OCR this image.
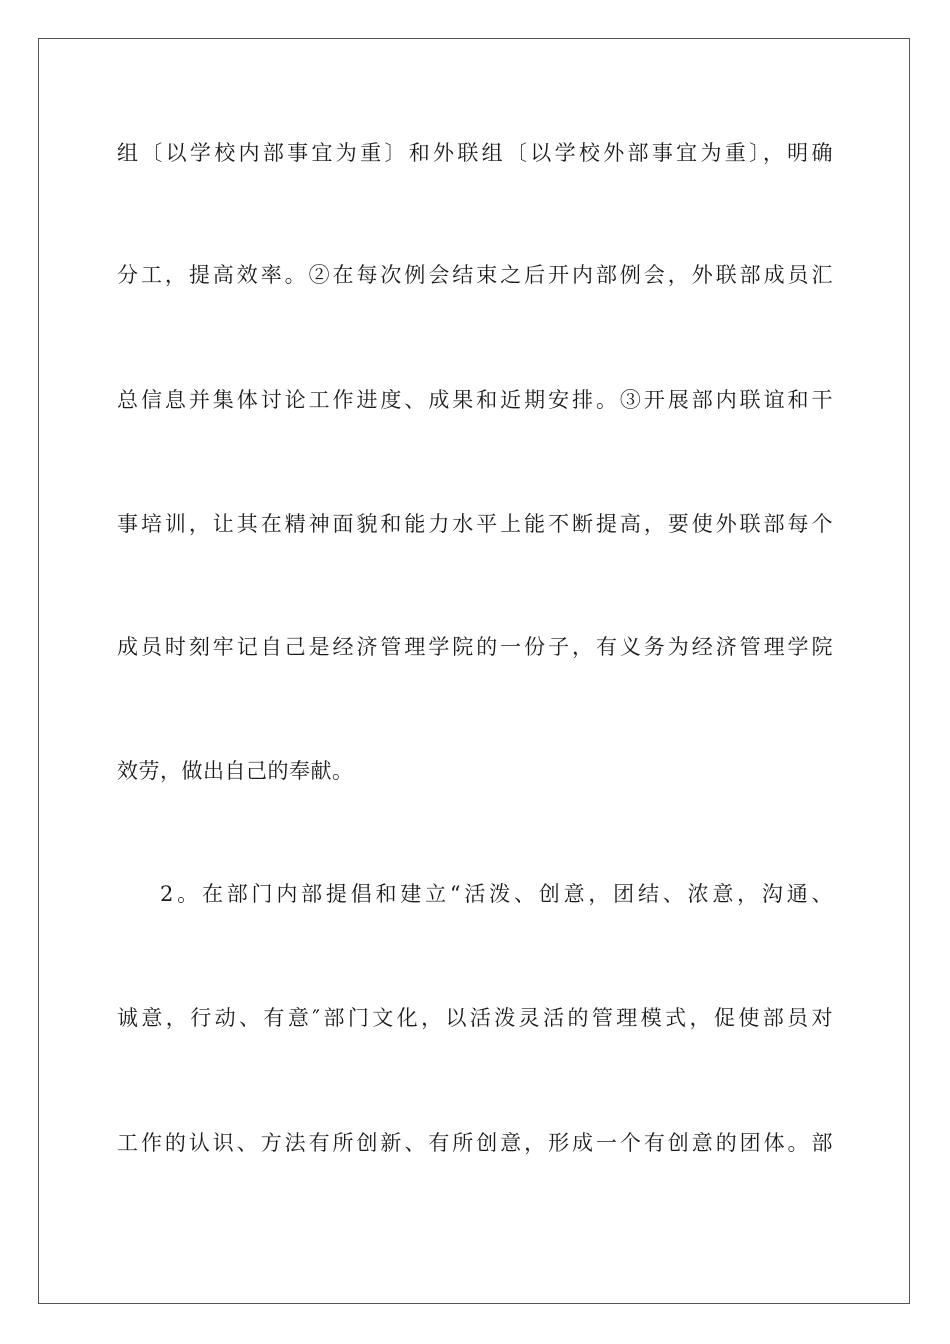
组〔以学校内部事宜为重〕和外联组〔以学校外部事宜为重〕，明确
分工，提高效率。②在每次例会结束之后开内部例会，外联部成员汇
总信息并集体讨论工作进度、成果和近期安排。③开展部内联谊和干
事培训，让其在精神面貌和能力水平上能不断提高，要使外联部每个
成员时刻牢记自己是经济管理学院的一份子，有义务为经济管理学院
效劳，做出自己的奉献。
2。在部门内部提倡和建立“活泼、创意，团结、浓意，沟通、
诚意，行动、有意″部门文化，以活泼灵活的管理模式，促使部员对
工作的认识、方法有所创新、有所创意，形成一个有创意的团体。部
